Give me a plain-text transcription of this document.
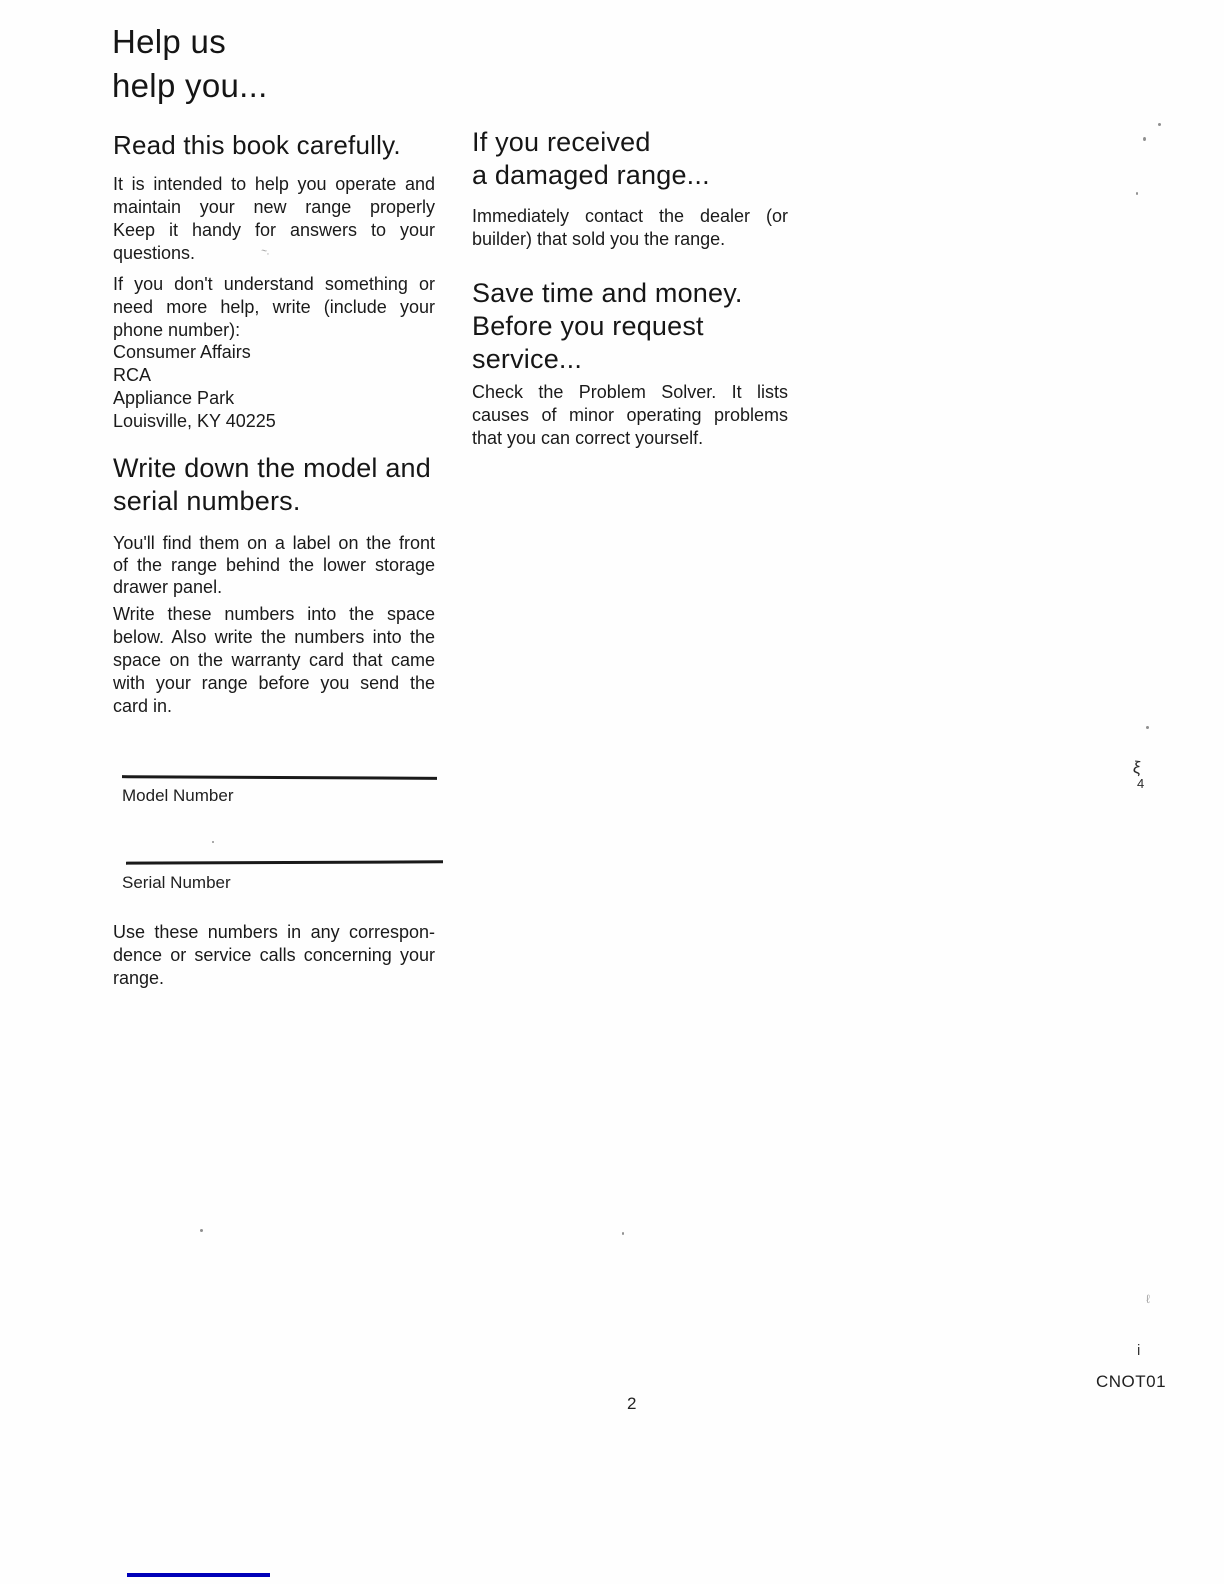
Help us
help you...
Read this book carefully.
It is intended to help you operate and
maintain your new range properly
Keep it handy for answers to your
questions.
If you don't understand something or
need more help, write (include your
phone number):
Consumer Affairs
RCA
Appliance Park
Louisville, KY 40225
Write down the model and
serial numbers.
You'll find them on a label on the front
of the range behind the lower storage
drawer panel.
Write these numbers into the space
below. Also write the numbers into the
space on the warranty card that came
with your range before you send the
card in.
Model Number
Serial Number
Use these numbers in any correspon-
dence or service calls concerning your
range.
If you received
a damaged range...
Immediately contact the dealer (or
builder) that sold you the range.
Save time and money.
Before you request
service...
Check the Problem Solver. It lists
causes of minor operating problems
that you can correct yourself.
2
CNOT01
~.
ξ
4
ℓ
i
